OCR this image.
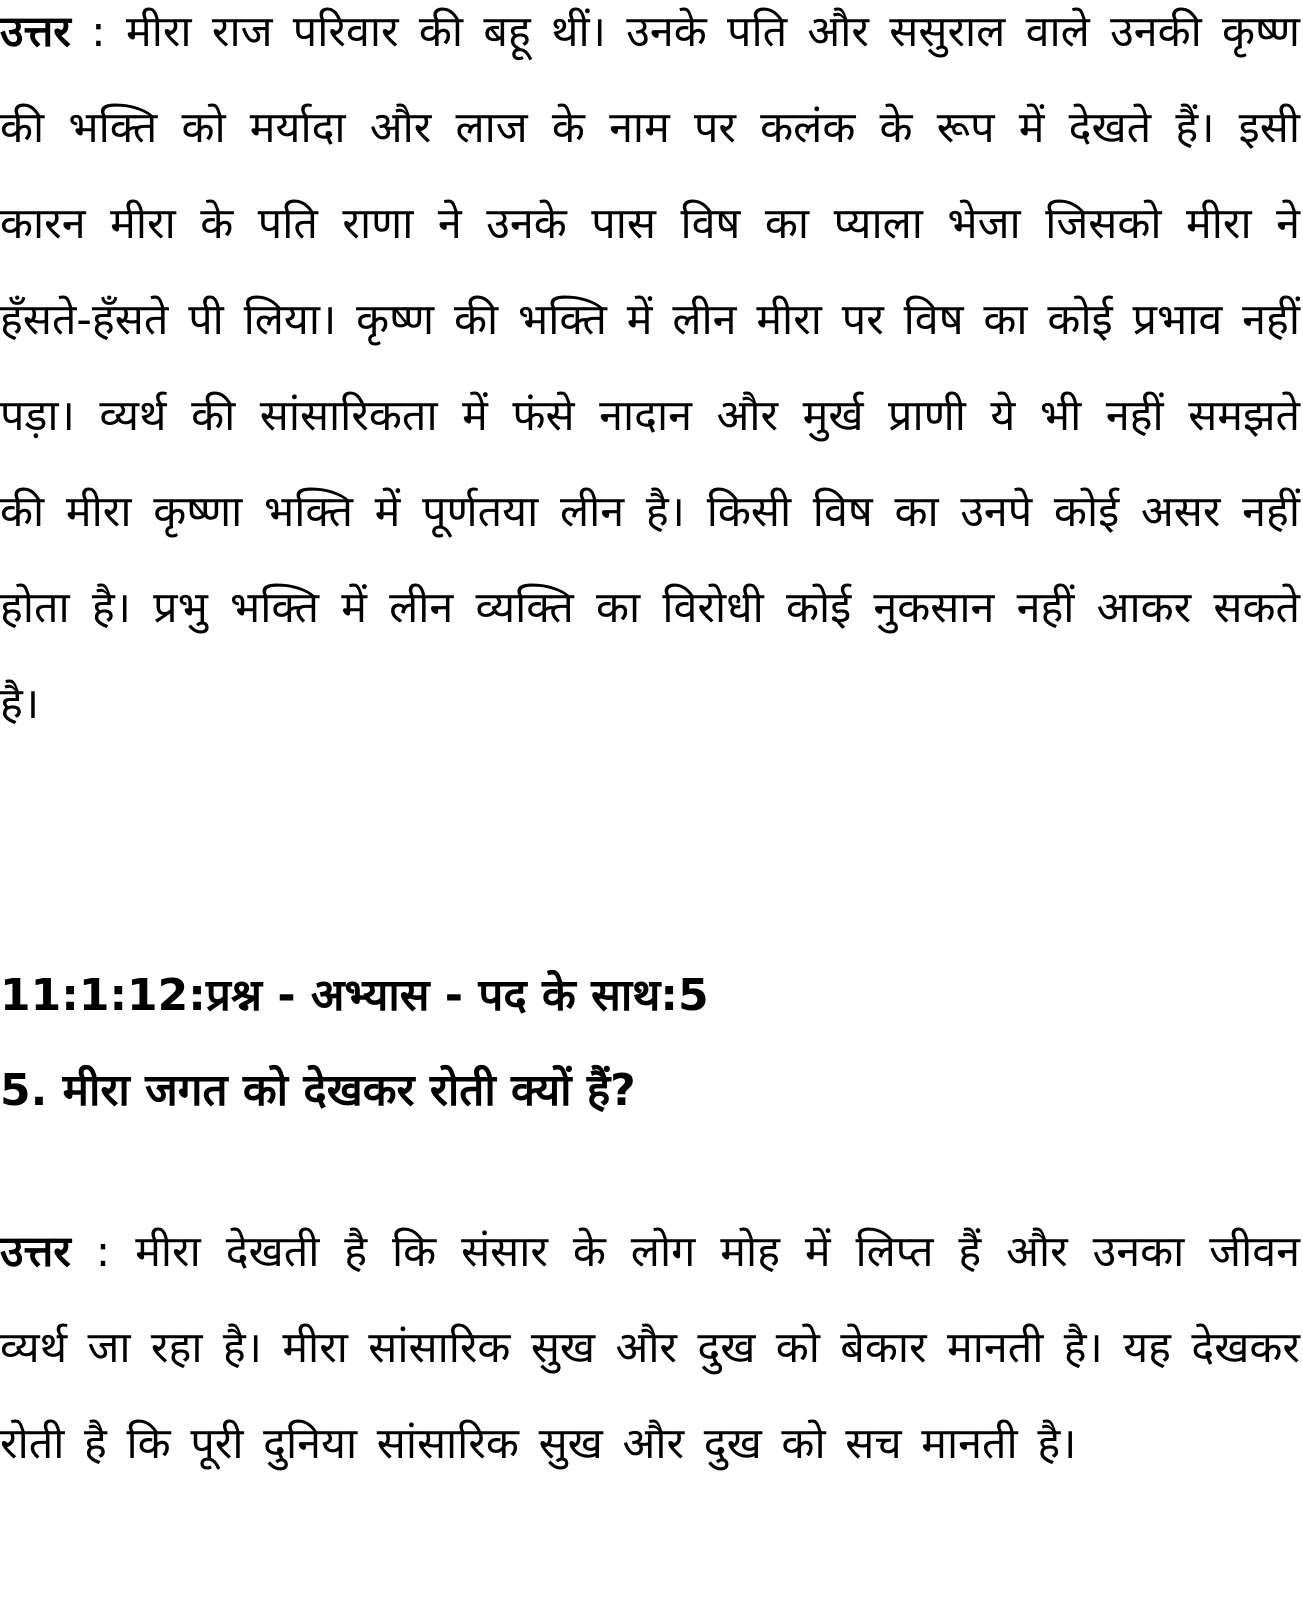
उत्तर : मीरा राज परिवार की बहू थीं। उनके पति और ससुराल वाले उनकी कृष्ण की भक्ति को मर्यादा और लाज के नाम पर कलंक के रूप में देखते हैं। इसी कारन मीरा के पति राणा ने उनके पास विष का प्याला भेजा जिसको मीरा ने हँसते-हँसते पी लिया। कृष्ण की भक्ति में लीन मीरा पर विष का कोई प्रभाव नहीं पड़ा। व्यर्थ की सांसारिकता में फंसे नादान और मुर्ख प्राणी ये भी नहीं समझते की मीरा कृष्णा भक्ति में पूर्णतया लीन है। किसी विष का उनपे कोई असर नहीं होता है। प्रभु भक्ति में लीन व्यक्ति का विरोधी कोई नुकसान नहीं आकर सकते है।

11:1:12:प्रश्न - अभ्यास - पद के साथ:5

5. मीरा जगत को देखकर रोती क्यों हैं?

उत्तर : मीरा देखती है कि संसार के लोग मोह में लिप्त हैं और उनका जीवन व्यर्थ जा रहा है। मीरा सांसारिक सुख और दुख को बेकार मानती है। यह देखकर रोती है कि पूरी दुनिया सांसारिक सुख और दुख को सच मानती है।
